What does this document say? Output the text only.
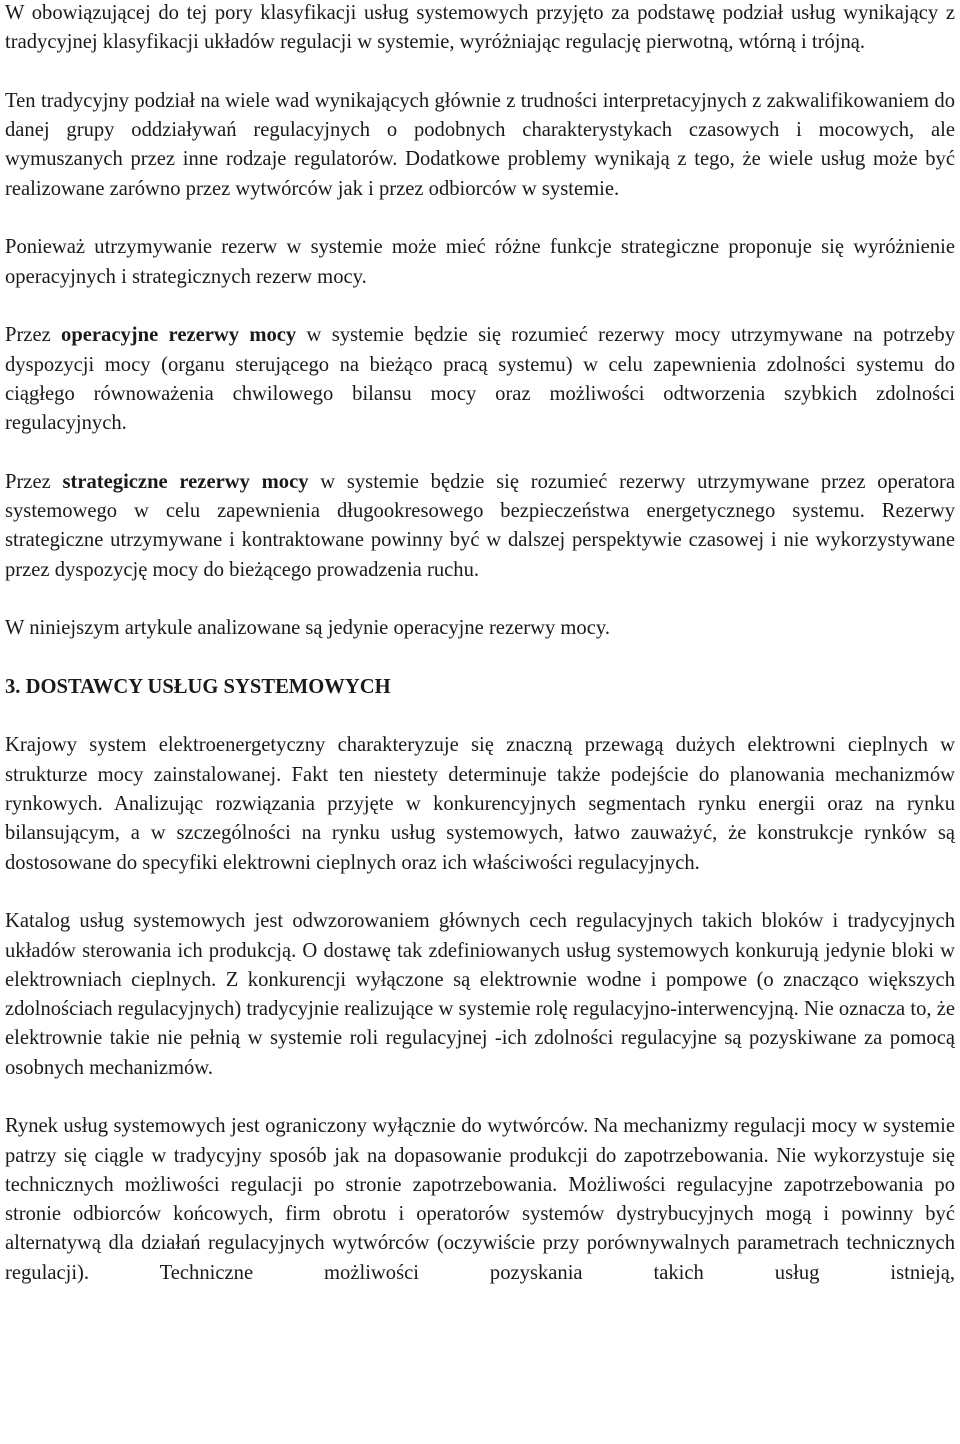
W obowiązującej do tej pory klasyfikacji usług systemowych przyjęto za podstawę podział usług wynikający z tradycyjnej klasyfikacji układów regulacji w systemie, wyróżniając regulację pierwotną, wtórną i trójną.

Ten tradycyjny podział na wiele wad wynikających głównie z trudności interpretacyjnych z zakwalifikowaniem do danej grupy oddziaływań regulacyjnych o podobnych charakterystykach czasowych i mocowych, ale wymuszanych przez inne rodzaje regulatorów. Dodatkowe problemy wynikają z tego, że wiele usług może być realizowane zarówno przez wytwórców jak i przez odbiorców w systemie.

Ponieważ utrzymywanie rezerw w systemie może mieć różne funkcje strategiczne proponuje się wyróżnienie operacyjnych i strategicznych rezerw mocy.

Przez operacyjne rezerwy mocy w systemie będzie się rozumieć rezerwy mocy utrzymywane na potrzeby dyspozycji mocy (organu sterującego na bieżąco pracą systemu) w celu zapewnienia zdolności systemu do ciągłego równoważenia chwilowego bilansu mocy oraz możliwości odtworzenia szybkich zdolności regulacyjnych.

Przez strategiczne rezerwy mocy w systemie będzie się rozumieć rezerwy utrzymywane przez operatora systemowego w celu zapewnienia długookresowego bezpieczeństwa energetycznego systemu. Rezerwy strategiczne utrzymywane i kontraktowane powinny być w dalszej perspektywie czasowej i nie wykorzystywane przez dyspozycję mocy do bieżącego prowadzenia ruchu.

W niniejszym artykule analizowane są jedynie operacyjne rezerwy mocy.

3. DOSTAWCY USŁUG SYSTEMOWYCH

Krajowy system elektroenergetyczny charakteryzuje się znaczną przewagą dużych elektrowni cieplnych w strukturze mocy zainstalowanej. Fakt ten niestety determinuje także podejście do planowania mechanizmów rynkowych. Analizując rozwiązania przyjęte w konkurencyjnych segmentach rynku energii oraz na rynku bilansującym, a w szczególności na rynku usług systemowych, łatwo zauważyć, że konstrukcje rynków są dostosowane do specyfiki elektrowni cieplnych oraz ich właściwości regulacyjnych.

Katalog usług systemowych jest odwzorowaniem głównych cech regulacyjnych takich bloków i tradycyjnych układów sterowania ich produkcją. O dostawę tak zdefiniowanych usług systemowych konkurują jedynie bloki w elektrowniach cieplnych. Z konkurencji wyłączone są elektrownie wodne i pompowe (o znacząco większych zdolnościach regulacyjnych) tradycyjnie realizujące w systemie rolę regulacyjno-interwencyjną. Nie oznacza to, że elektrownie takie nie pełnią w systemie roli regulacyjnej -ich zdolności regulacyjne są pozyskiwane za pomocą osobnych mechanizmów.

Rynek usług systemowych jest ograniczony wyłącznie do wytwórców. Na mechanizmy regulacji mocy w systemie patrzy się ciągle w tradycyjny sposób jak na dopasowanie produkcji do zapotrzebowania. Nie wykorzystuje się technicznych możliwości regulacji po stronie zapotrzebowania. Możliwości regulacyjne zapotrzebowania po stronie odbiorców końcowych, firm obrotu i operatorów systemów dystrybucyjnych mogą i powinny być alternatywą dla działań regulacyjnych wytwórców (oczywiście przy porównywalnych parametrach technicznych regulacji). Techniczne możliwości pozyskania takich usług istnieją,
